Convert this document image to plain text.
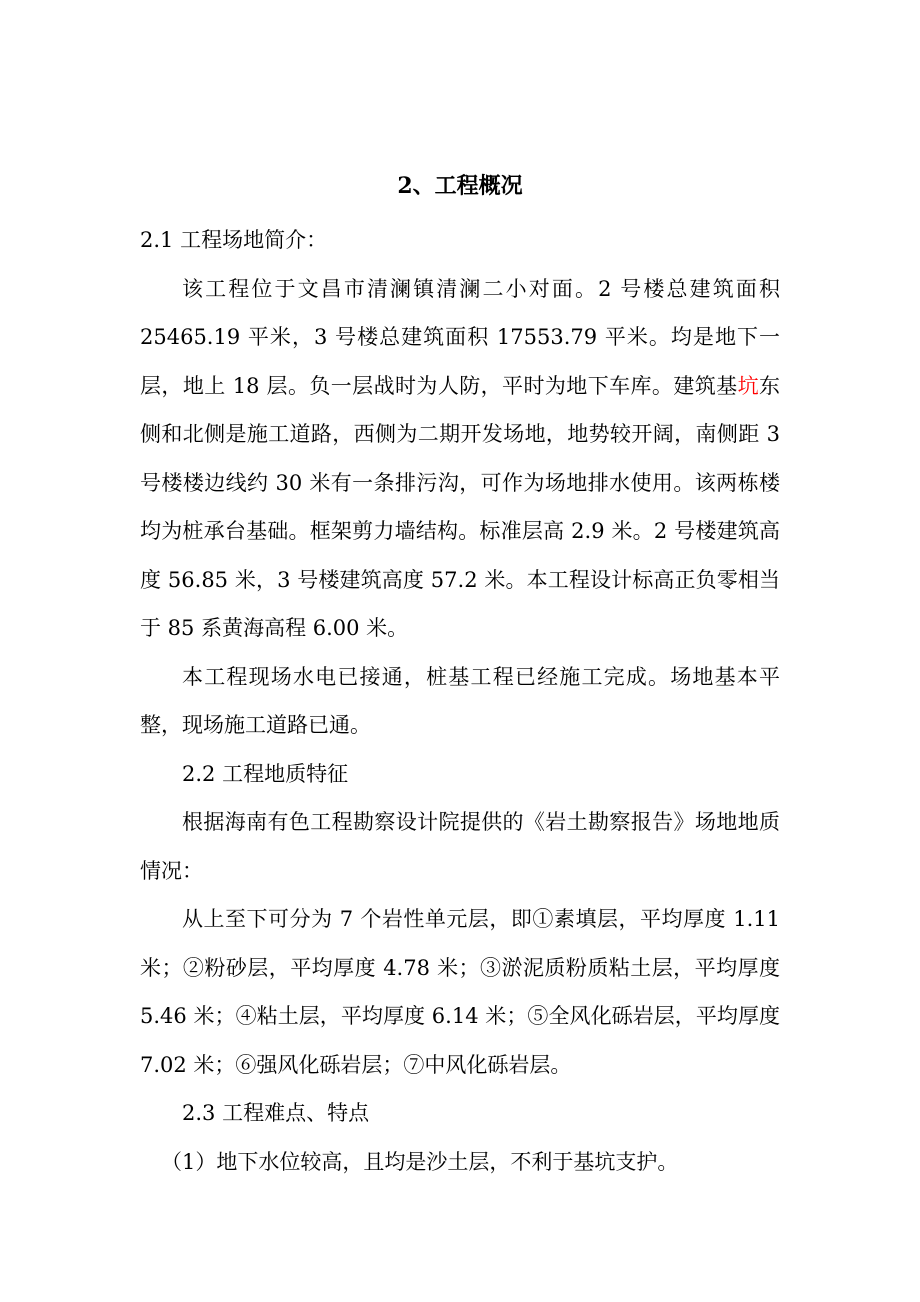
2、工程概况

2.1 工程场地简介：

该工程位于文昌市清澜镇清澜二小对面。2 号楼总建筑面积 25465.19 平米，3 号楼总建筑面积 17553.79 平米。均是地下一层，地上 18 层。负一层战时为人防，平时为地下车库。建筑基坑东侧和北侧是施工道路，西侧为二期开发场地，地势较开阔，南侧距 3 号楼楼边线约 30 米有一条排污沟，可作为场地排水使用。该两栋楼均为桩承台基础。框架剪力墙结构。标准层高 2.9 米。2 号楼建筑高度 56.85 米，3 号楼建筑高度 57.2 米。本工程设计标高正负零相当于 85 系黄海高程 6.00 米。

本工程现场水电已接通，桩基工程已经施工完成。场地基本平整，现场施工道路已通。

2.2 工程地质特征

根据海南有色工程勘察设计院提供的《岩土勘察报告》场地地质情况：

从上至下可分为 7 个岩性单元层，即①素填层，平均厚度 1.11 米；②粉砂层，平均厚度 4.78 米；③淤泥质粉质粘土层，平均厚度 5.46 米；④粘土层，平均厚度 6.14 米；⑤全风化砾岩层，平均厚度 7.02 米；⑥强风化砾岩层；⑦中风化砾岩层。

2.3 工程难点、特点

（1）地下水位较高，且均是沙土层，不利于基坑支护。
